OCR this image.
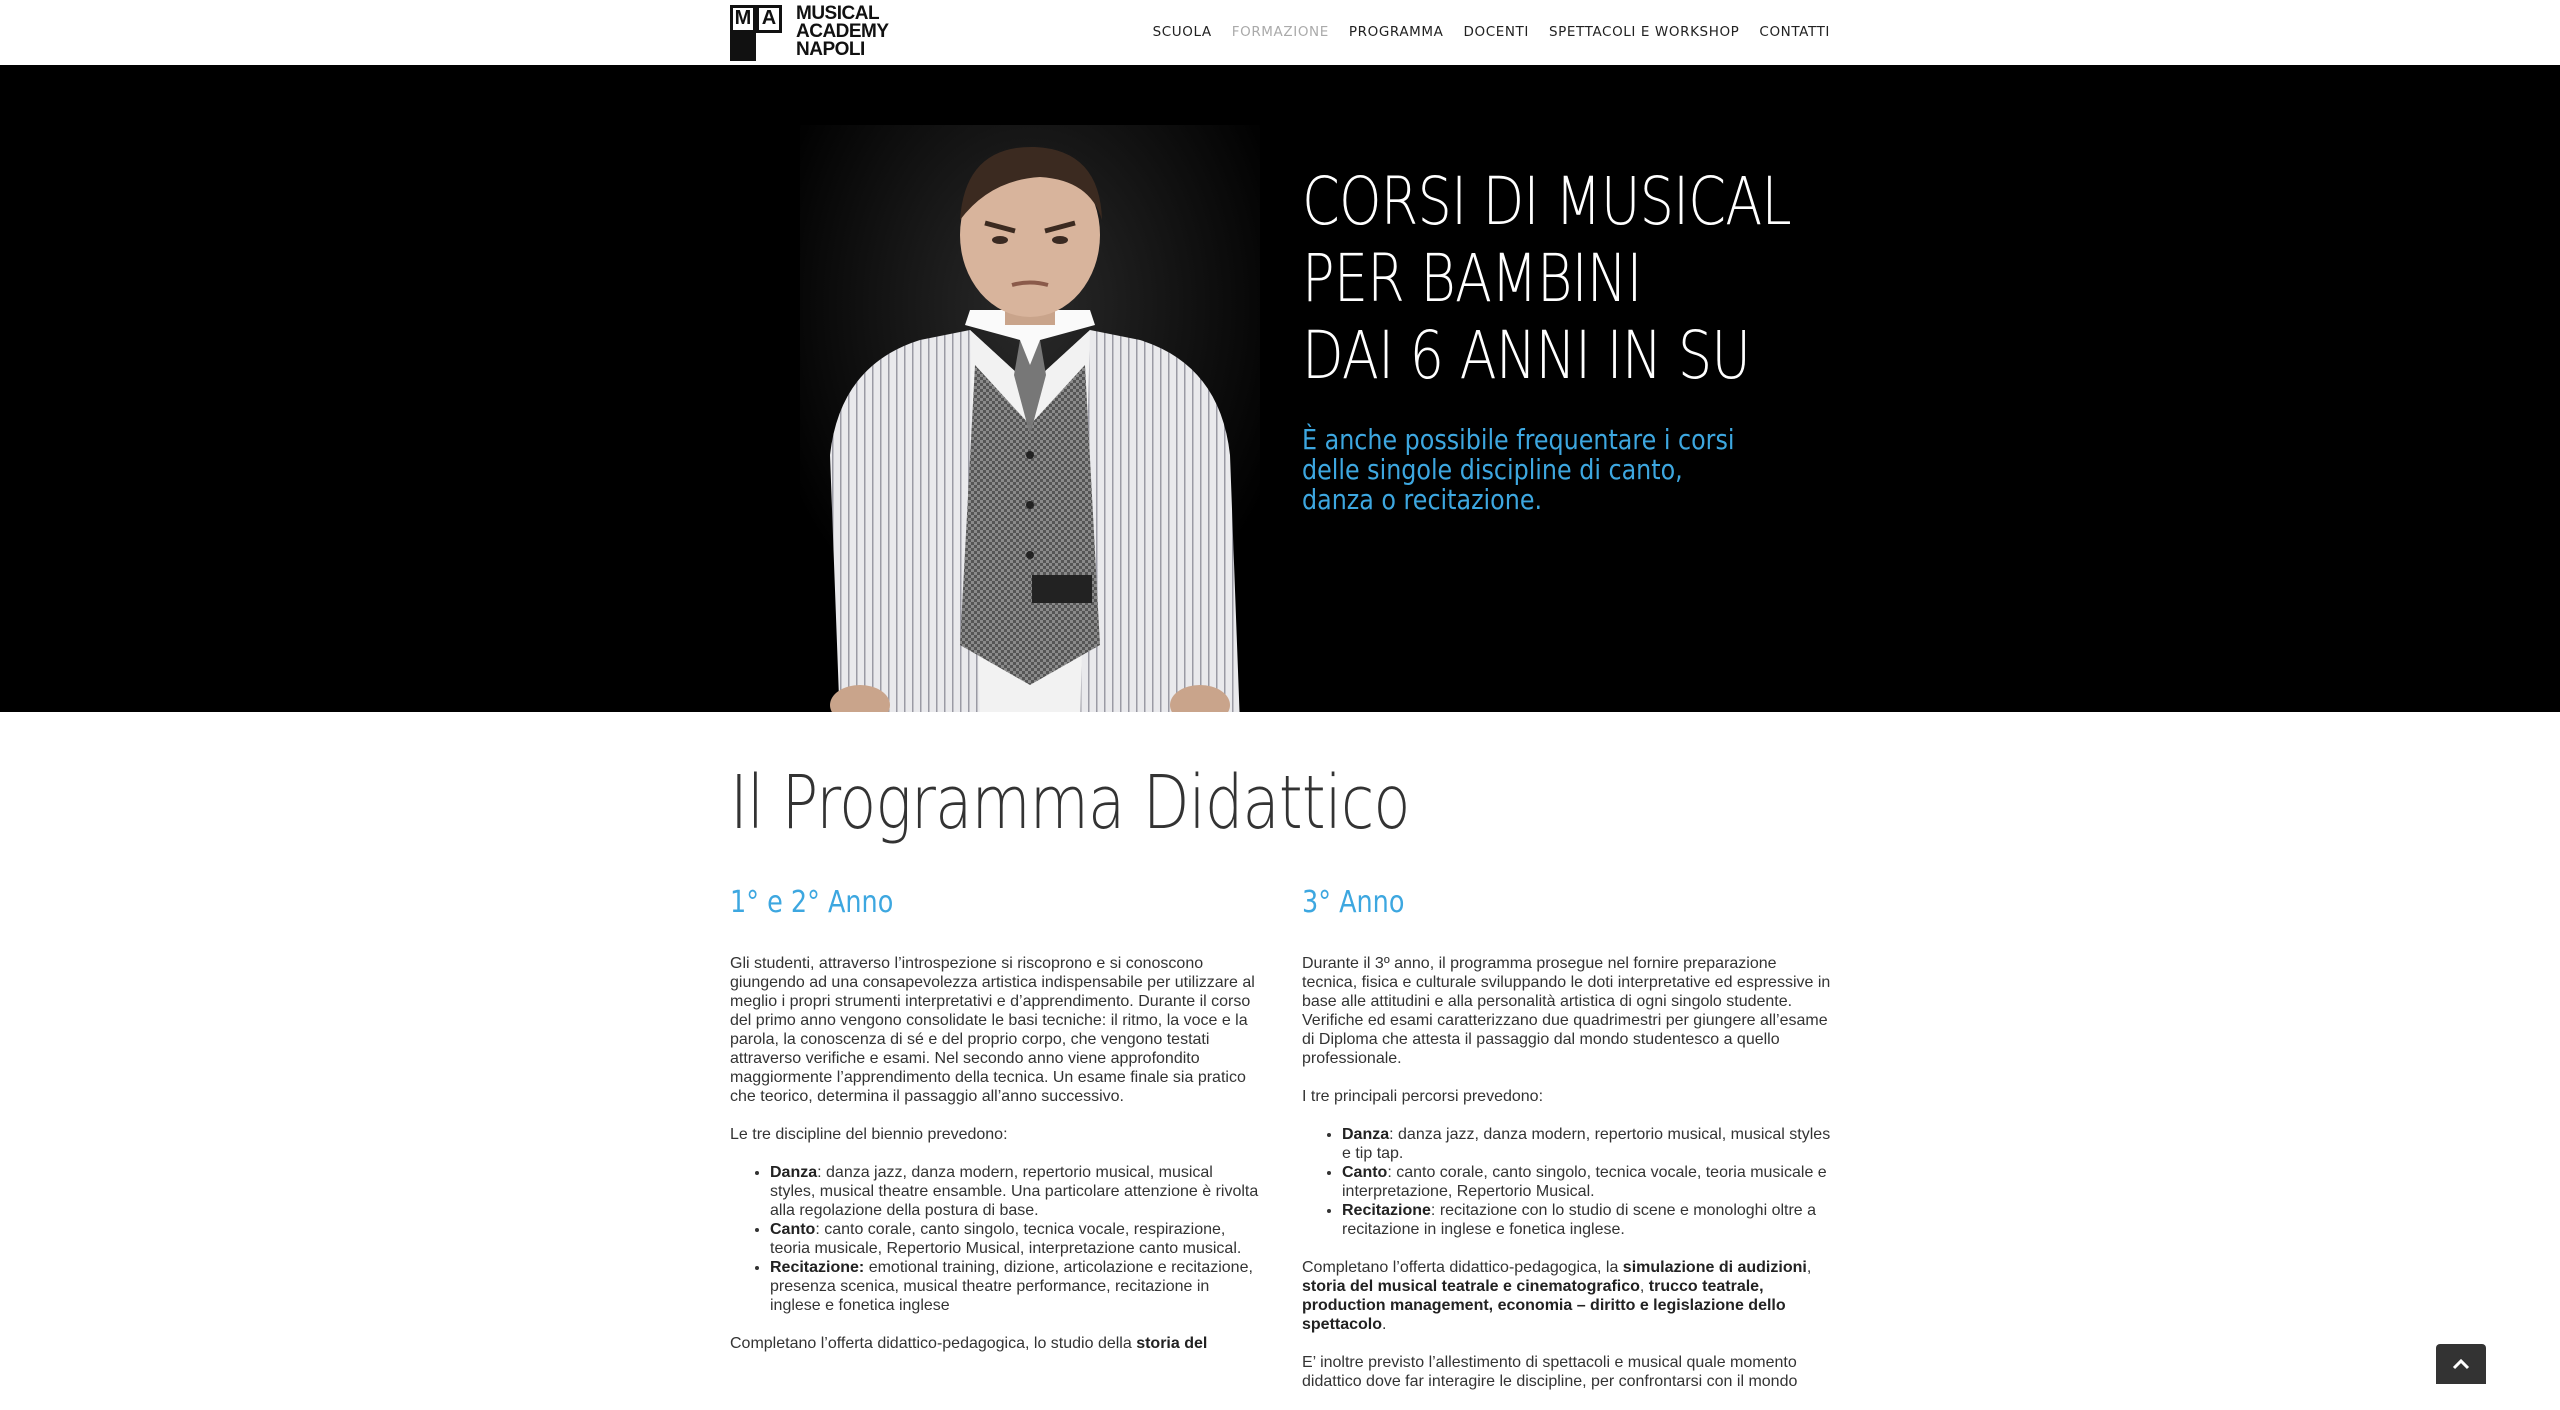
M A	MUSICAL
ACADEMY
NAPOLI
SCUOLA FORMAZIONE PROGRAMMA DOCENTI SPETTACOLI E WORKSHOP CONTATTI
CORSI DI MUSICAL
PER BAMBINI
DAI 6 ANNI IN SU
È anche possibile frequentare i corsi delle singole discipline di canto, danza o recitazione.
Il Programma Didattico
1° e 2° Anno

Gli studenti, attraverso l’introspezione si riscoprono e si conoscono giungendo ad una consapevolezza artistica indispensabile per utilizzare al meglio i propri strumenti interpretativi e d’apprendimento. Durante il corso del primo anno vengono consolidate le basi tecniche: il ritmo, la voce e la parola, la conoscenza di sé e del proprio corpo, che vengono testati attraverso verifiche e esami. Nel secondo anno viene approfondito maggiormente l’apprendimento della tecnica. Un esame finale sia pratico che teorico, determina il passaggio all’anno successivo.

Le tre discipline del biennio prevedono:

• Danza: danza jazz, danza modern, repertorio musical, musical styles, musical theatre ensamble. Una particolare attenzione è rivolta alla regolazione della postura di base.
• Canto: canto corale, canto singolo, tecnica vocale, respirazione, teoria musicale, Repertorio Musical, interpretazione canto musical.
• Recitazione: emotional training, dizione, articolazione e recitazione, presenza scenica, musical theatre performance, recitazione in inglese e fonetica inglese

Completano l’offerta didattico-pedagogica, lo studio della storia del

3° Anno

Durante il 3º anno, il programma prosegue nel fornire preparazione tecnica, fisica e culturale sviluppando le doti interpretative ed espressive in base alle attitudini e alla personalità artistica di ogni singolo studente. Verifiche ed esami caratterizzano due quadrimestri per giungere all’esame di Diploma che attesta il passaggio dal mondo studentesco a quello professionale.

I tre principali percorsi prevedono:

• Danza: danza jazz, danza modern, repertorio musical, musical styles e tip tap.
• Canto: canto corale, canto singolo, tecnica vocale, teoria musicale e interpretazione, Repertorio Musical.
• Recitazione: recitazione con lo studio di scene e monologhi oltre a recitazione in inglese e fonetica inglese.

Completano l’offerta didattico-pedagogica, la simulazione di audizioni, storia del musical teatrale e cinematografico, trucco teatrale, production management, economia – diritto e legislazione dello spettacolo.

E’ inoltre previsto l’allestimento di spettacoli e musical quale momento didattico dove far interagire le discipline, per confrontarsi con il mondo
